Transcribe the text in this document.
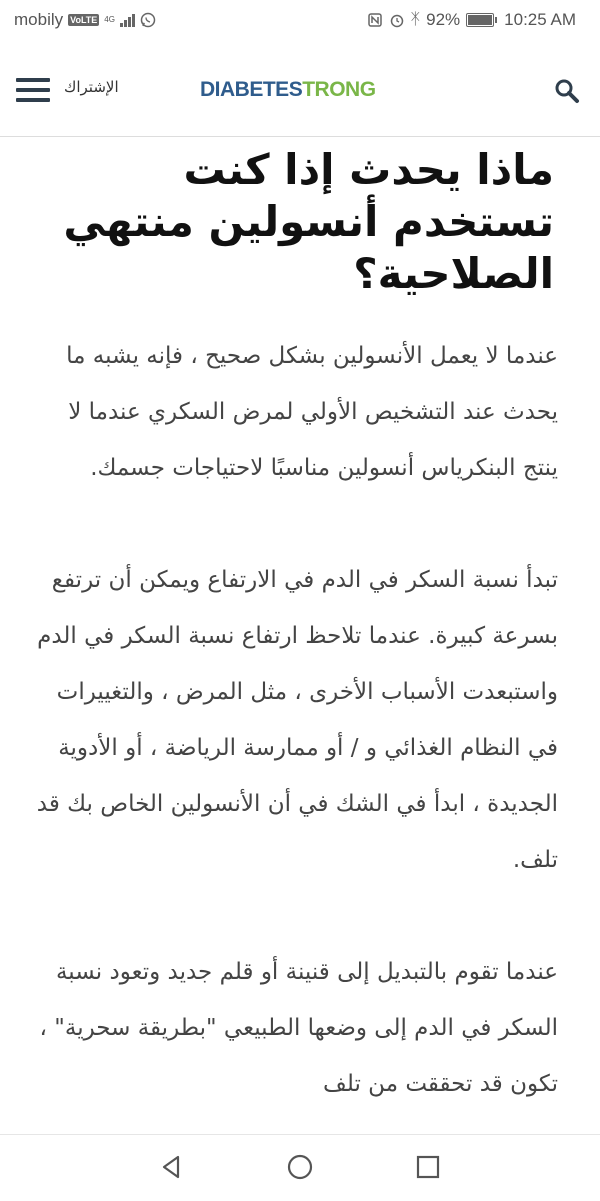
mobily VoLTE 4G	ᛡ 92%	10:25 AM
الإشتراك	DIABETESTRONG
ماذا يحدث إذا كنت تستخدم أنسولين منتهي الصلاحية؟

عندما لا يعمل الأنسولين بشكل صحيح ، فإنه يشبه ما يحدث عند التشخيص الأولي لمرض السكري عندما لا ينتج البنكرياس أنسولين مناسبًا لاحتياجات جسمك.

تبدأ نسبة السكر في الدم في الارتفاع ويمكن أن ترتفع بسرعة كبيرة. عندما تلاحظ ارتفاع نسبة السكر في الدم واستبعدت الأسباب الأخرى ، مثل المرض ، والتغييرات في النظام الغذائي و / أو ممارسة الرياضة ، أو الأدوية الجديدة ، ابدأ في الشك في أن الأنسولين الخاص بك قد تلف.

عندما تقوم بالتبديل إلى قنينة أو قلم جديد وتعود نسبة السكر في الدم إلى وضعها الطبيعي "بطريقة سحرية" ، تكون قد تحققت من تلف
